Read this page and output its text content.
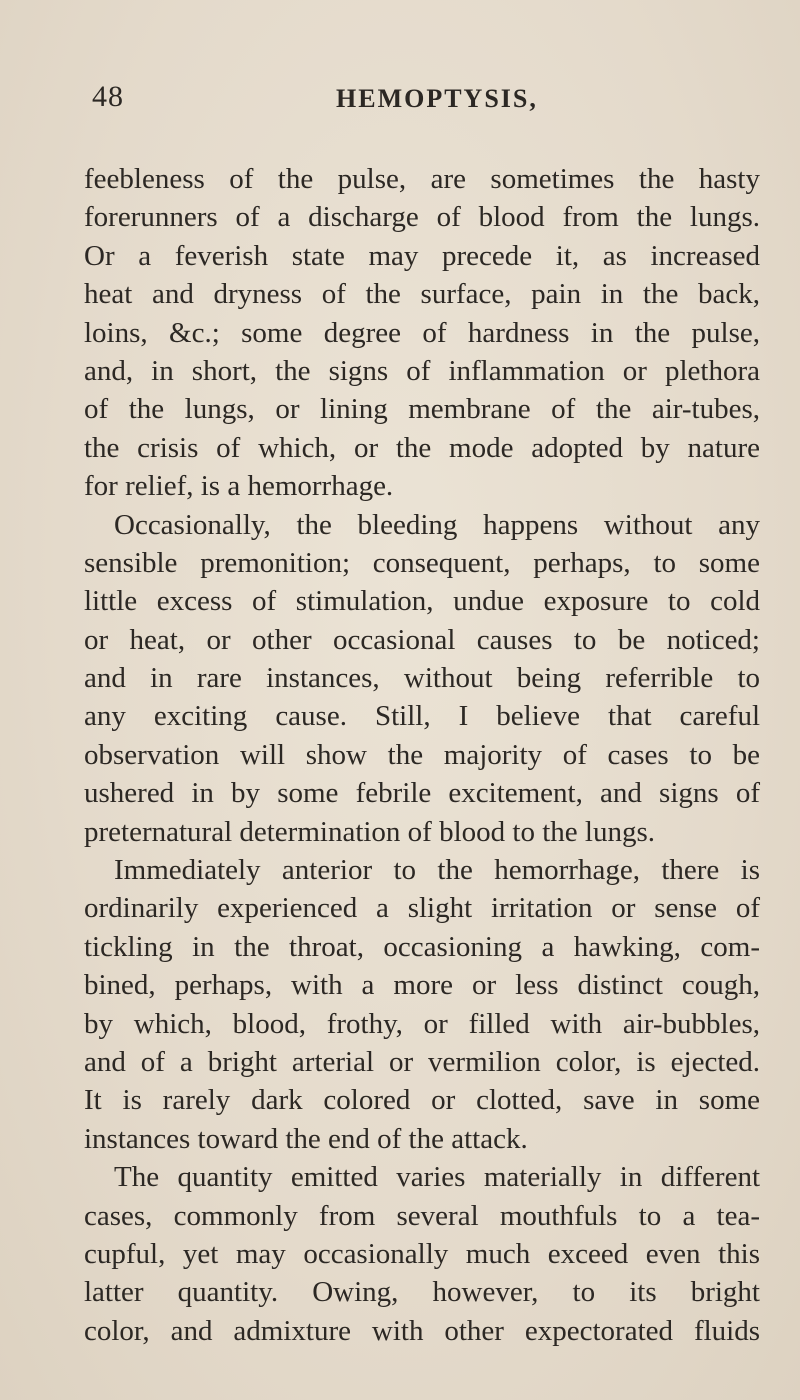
48	HEMOPTYSIS,
feebleness of the pulse, are sometimes the hasty
forerunners of a discharge of blood from the lungs.
Or a feverish state may precede it, as increased
heat and dryness of the surface, pain in the back,
loins, &c.; some degree of hardness in the pulse,
and, in short, the signs of inflammation or plethora
of the lungs, or lining membrane of the air-tubes,
the crisis of which, or the mode adopted by nature
for relief, is a hemorrhage.
Occasionally, the bleeding happens without any
sensible premonition; consequent, perhaps, to some
little excess of stimulation, undue exposure to cold
or heat, or other occasional causes to be noticed;
and in rare instances, without being referrible to
any exciting cause. Still, I believe that careful
observation will show the majority of cases to be
ushered in by some febrile excitement, and signs of
preternatural determination of blood to the lungs.
Immediately anterior to the hemorrhage, there is
ordinarily experienced a slight irritation or sense of
tickling in the throat, occasioning a hawking, com-
bined, perhaps, with a more or less distinct cough,
by which, blood, frothy, or filled with air-bubbles,
and of a bright arterial or vermilion color, is ejected.
It is rarely dark colored or clotted, save in some
instances toward the end of the attack.
The quantity emitted varies materially in different
cases, commonly from several mouthfuls to a tea-
cupful, yet may occasionally much exceed even this
latter quantity. Owing, however, to its bright
color, and admixture with other expectorated fluids
